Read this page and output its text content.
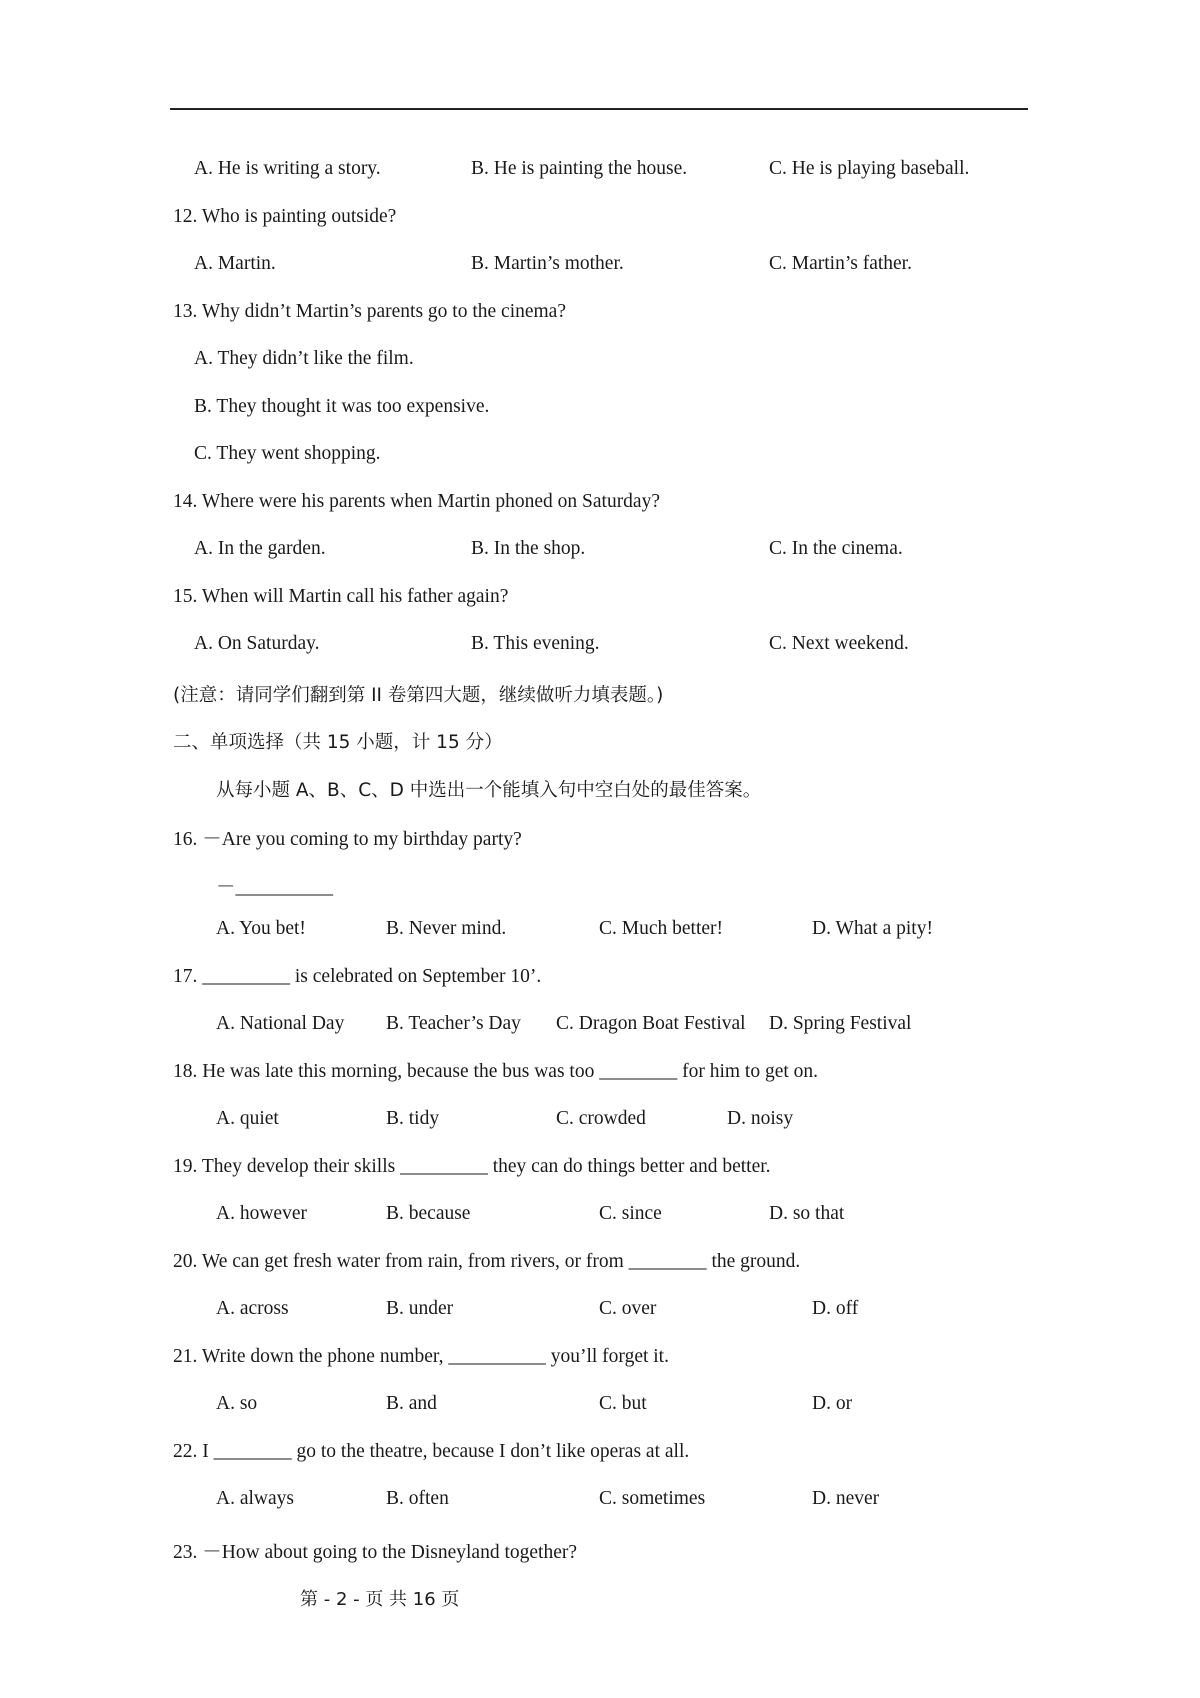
A. He is writing a story.	B. He is painting the house.	C. He is playing baseball.
12. Who is painting outside?
A. Martin.	B. Martin’s mother.	C. Martin’s father.
13. Why didn’t Martin’s parents go to the cinema?
A. They didn’t like the film.
B. They thought it was too expensive.
C. They went shopping.
14. Where were his parents when Martin phoned on Saturday?
A. In the garden.	B. In the shop.	C. In the cinema.
15. When will Martin call his father again?
A. On Saturday.	B. This evening.	C. Next weekend.
(注意：请同学们翻到第 II 卷第四大题，继续做听力填表题。)
二、单项选择（共 15 小题，计 15 分）
从每小题 A、B、C、D 中选出一个能填入句中空白处的最佳答案。
16. －Are you coming to my birthday party?
－__________
A. You bet!	B. Never mind.	C. Much better!	D. What a pity!
17. _________ is celebrated on September 10’.
A. National Day B. Teacher’s Day C. Dragon Boat Festival D. Spring Festival
18. He was late this morning, because the bus was too ________ for him to get on.
A. quiet	B. tidy	C. crowded	D. noisy
19. They develop their skills _________ they can do things better and better.
A. however	B. because	C. since	D. so that
20. We can get fresh water from rain, from rivers, or from ________ the ground.
A. across	B. under	C. over	D. off
21. Write down the phone number, __________ you’ll forget it.
A. so	B. and	C. but	D. or
22. I ________ go to the theatre, because I don’t like operas at all.
A. always	B. often	C. sometimes	D. never
23. －How about going to the Disneyland together?
第 - 2 - 页 共 16 页
